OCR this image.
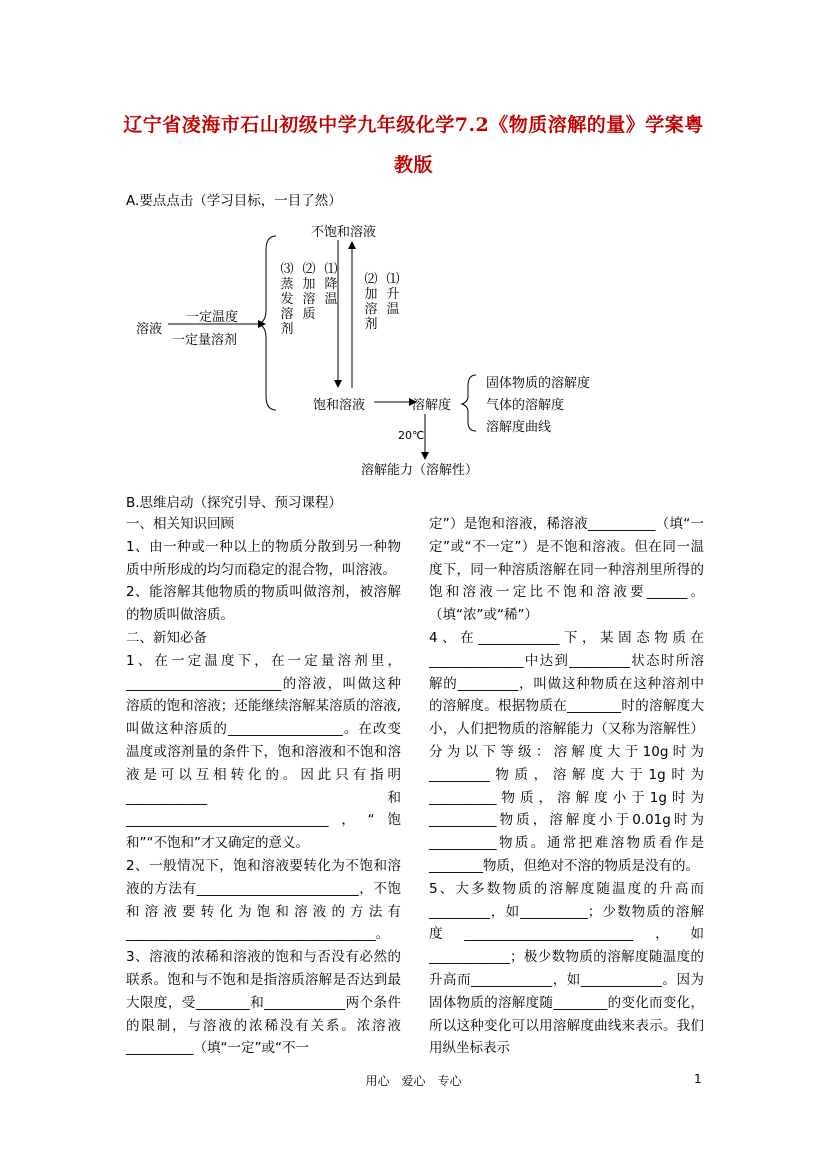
辽宁省凌海市石山初级中学九年级化学7.2《物质溶解的量》学案粤
教版
A.要点点击（学习目标，一目了然）
不饱和溶液
溶液
一定温度
一定量溶剂
饱和溶液	溶解度
20℃
溶解能力（溶解性）
固体物质的溶解度
气体的溶解度
溶解度曲线
⑶蒸发溶剂
⑵加溶质
⑴降温
⑵加溶剂
⑴升温
B.思维启动（探究引导、预习课程）

一、相关知识回顾

1、由一种或一种以上的物质分散到另一种物质中所形成的均匀而稳定的混合物，叫溶液。

2、能溶解其他物质的物质叫做溶剂，被溶解的物质叫做溶质。

二、新知必备

1、在一定温度下，在一定量溶剂里，_______________________的溶液，叫做这种溶质的饱和溶液；还能继续溶解某溶质的溶液,叫做这种溶质的_________________。在改变温度或溶剂量的条件下，饱和溶液和不饱和溶液是可以互相转化的。因此只有指明 ____________ 和 ______________________________，“饱和”“不饱和”才又确定的意义。

2、一般情况下，饱和溶液要转化为不饱和溶液的方法有________________________，不饱和溶液要转化为饱和溶液的方法有_____________________________________。

3、溶液的浓稀和溶液的饱和与否没有必然的联系。饱和与不饱和是指溶质溶解是否达到最大限度，受________和____________两个条件的限制，与溶液的浓稀没有关系。浓溶液__________（填“一定”或“不一

定”）是饱和溶液，稀溶液__________（填“一定”或“不一定”）是不饱和溶液。但在同一温度下，同一种溶质溶解在同一种溶剂里所得的饱和溶液一定比不饱和溶液要______。（填“浓”或“稀”）

4、在____________下，某固态物质在______________中达到_________状态时所溶解的_________，叫做这种物质在这种溶剂中的溶解度。根据物质在________时的溶解度大小，人们把物质的溶解能力（又称为溶解性）分为以下等级：溶解度大于10g时为_________物质，溶解度大于1g时为__________物质，溶解度小于1g时为__________物质，溶解度小于0.01g时为__________物质。通常把难溶物质看作是________物质，但绝对不溶的物质是没有的。

5、大多数物质的溶解度随温度的升高而_________，如__________；少数物质的溶解度_________________________，如____________；极少数物质的溶解度随温度的升高而____________，如____________。因为固体物质的溶解度随________的变化而变化，所以这种变化可以用溶解度曲线来表示。我们用纵坐标表示

用心　爱心　专心	1
